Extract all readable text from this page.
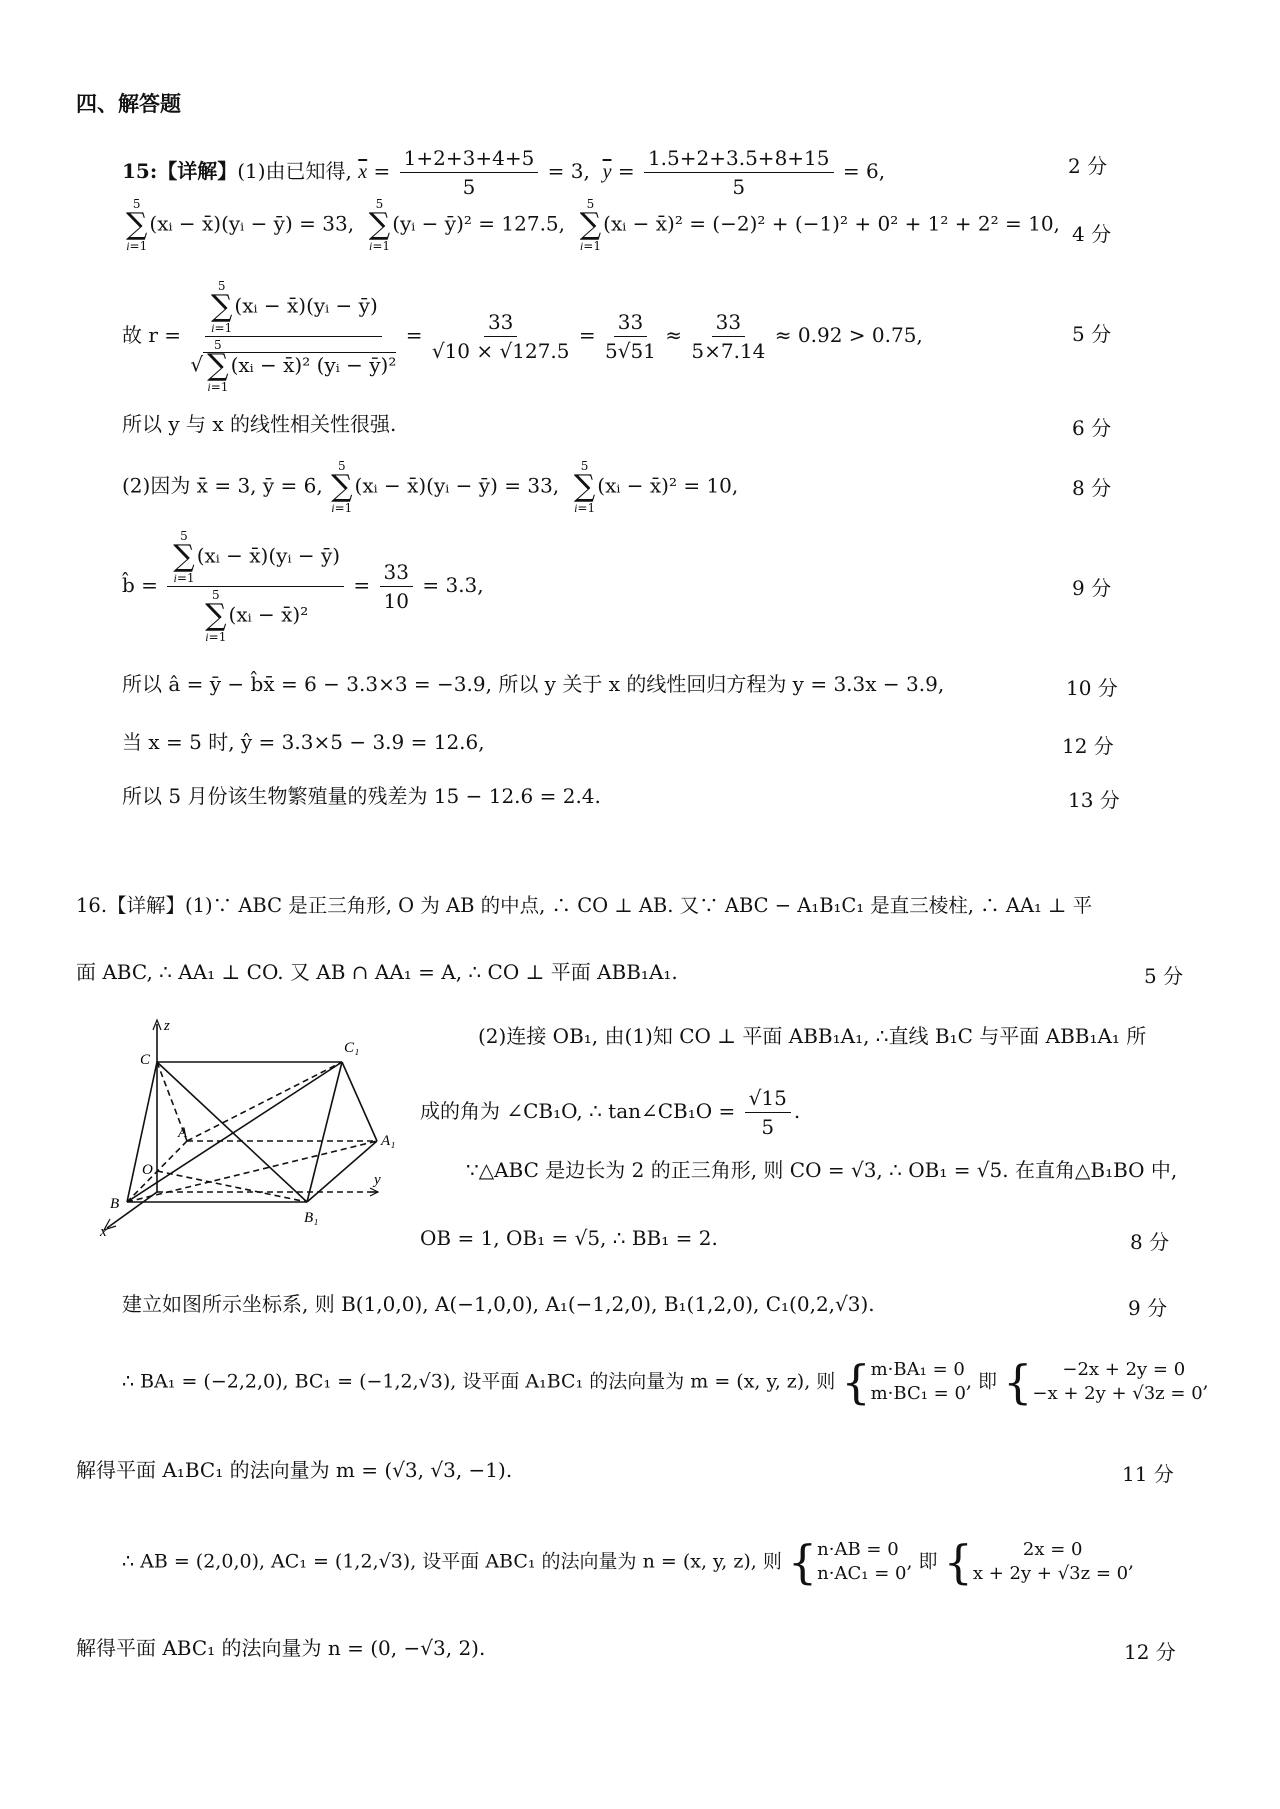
四、解答题
15:【详解】(1)由已知得, $\overline{x} = \frac{1+2+3+4+5}{5} = 3$, $\overline{y} = \frac{1.5+2+3.5+8+15}{5} = 6$,	2 分
5
∑
i=1
(xᵢ − x̄)(yᵢ − ȳ) = 33,
5
∑
i=1
(yᵢ − ȳ)² = 127.5,
5
∑
i=1
(xᵢ − x̄)² = (−2)² + (−1)² + 0² + 1² + 2² = 10, 4 分
故 r = 5
∑
i=1
(xᵢ − x̄)(yᵢ − ȳ)
√
5
∑
i=1
(xᵢ − x̄)² (yᵢ − ȳ)² = $\frac{33}{√10 \times √127.5} = \frac{33}{5√51} \approx \frac{33}{5\times 7.14} \approx 0.92 > 0.75$,	5 分
所以 y 与 x 的线性相关性很强.	6 分
(2)因为 x̄ = 3, ȳ = 6,
5
∑
i=1
(xᵢ − x̄)(yᵢ − ȳ) = 33,
5
∑
i=1
(xᵢ − x̄)² = 10,	8 分
b̂ = 5
∑
i=1
(xᵢ − x̄)(yᵢ − ȳ)
5
∑
i=1
(xᵢ − x̄)² = $\frac{33}{10} = 3.3$,	9 分
所以 â = ȳ − b̂x̄ = 6 − 3.3×3 = −3.9, 所以 y 关于 x 的线性回归方程为 y = 3.3x − 3.9,	10 分
当 x = 5 时, ŷ = 3.3×5 − 3.9 = 12.6,	12 分
所以 5 月份该生物繁殖量的残差为 15 − 12.6 = 2.4.	13 分
16.【详解】(1)∵ ABC 是正三角形, O 为 AB 的中点, ∴ CO ⊥ AB. 又∵ ABC − A₁B₁C₁ 是直三棱柱, ∴ AA₁ ⊥ 平
面 ABC, ∴ AA₁ ⊥ CO. 又 AB ∩ AA₁ = A, ∴ CO ⊥ 平面 ABB₁A₁.	5 分
z
C
C₁
A	A₁
O
y
B
B₁
x
(2)连接 OB₁, 由(1)知 CO ⊥ 平面 ABB₁A₁, ∴直线 B₁C 与平面 ABB₁A₁ 所
成的角为 ∠CB₁O, ∴ tan∠CB₁O = $\frac{√15}{5}$ .
∵△ABC 是边长为 2 的正三角形, 则 CO = √3, ∴ OB₁ = √5. 在直角△B₁BO 中,
OB = 1, OB₁ = √5, ∴ BB₁ = 2.	8 分
建立如图所示坐标系, 则 B(1,0,0), A(−1,0,0), A₁(−1,2,0), B₁(1,2,0), C₁(0,2,√3).	9 分
∴ BA₁ = (−2,2,0), BC₁ = (−1,2,√3), 设平面 A₁BC₁ 的法向量为 m = (x, y, z), 则 { m·BA₁ = 0
m·BC₁ = 0
, 即 {	−2x + 2y = 0
−x + 2y + √3z = 0
,
解得平面 A₁BC₁ 的法向量为 m = (√3, √3, −1).	11 分
∴ AB = (2,0,0), AC₁ = (1,2,√3), 设平面 ABC₁ 的法向量为 n = (x, y, z), 则 { n·AB = 0
n·AC₁ = 0
, 即 {	2x = 0
x + 2y + √3z = 0
,
解得平面 ABC₁ 的法向量为 n = (0, −√3, 2).	12 分
